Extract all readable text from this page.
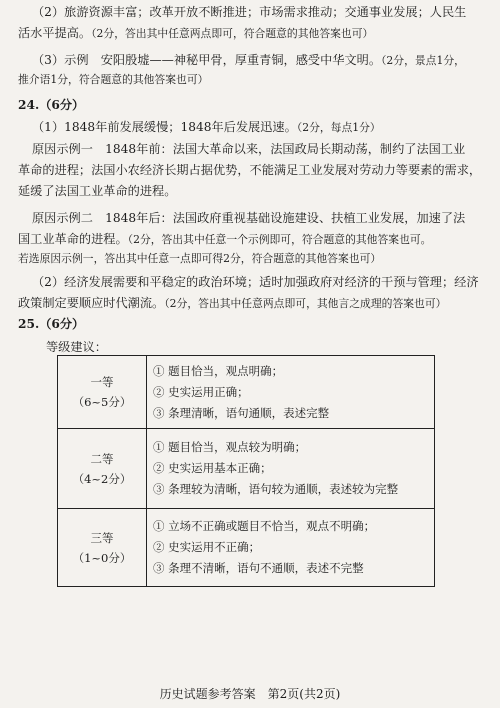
（2）旅游资源丰富；改革开放不断推进；市场需求推动；交通事业发展；人民生
活水平提高。（2分，答出其中任意两点即可，符合题意的其他答案也可）
（3）示例　安阳殷墟——神秘甲骨，厚重青铜，感受中华文明。（2分，景点1分，
推介语1分，符合题意的其他答案也可）
24.（6分）
（1）1848年前发展缓慢；1848年后发展迅速。（2分，每点1分）
原因示例一　1848年前：法国大革命以来，法国政局长期动荡，制约了法国工业
革命的进程；法国小农经济长期占据优势，不能满足工业发展对劳动力等要素的需求，
延缓了法国工业革命的进程。
原因示例二　1848年后：法国政府重视基础设施建设、扶植工业发展，加速了法
国工业革命的进程。（2分，答出其中任意一个示例即可，符合题意的其他答案也可。
若选原因示例一，答出其中任意一点即可得2分，符合题意的其他答案也可）
（2）经济发展需要和平稳定的政治环境；适时加强政府对经济的干预与管理；经济
政策制定要顺应时代潮流。（2分，答出其中任意两点即可，其他言之成理的答案也可）
25.（6分）
等级建议：
一等
（6~5分）	① 题目恰当，观点明确；
② 史实运用正确；
③ 条理清晰，语句通顺，表述完整

二等
（4~2分）	① 题目恰当，观点较为明确；
② 史实运用基本正确；
③ 条理较为清晰，语句较为通顺，表述较为完整

三等
（1~0分）	① 立场不正确或题目不恰当，观点不明确；
② 史实运用不正确；
③ 条理不清晰，语句不通顺，表述不完整
历史试题参考答案　第2页(共2页)
